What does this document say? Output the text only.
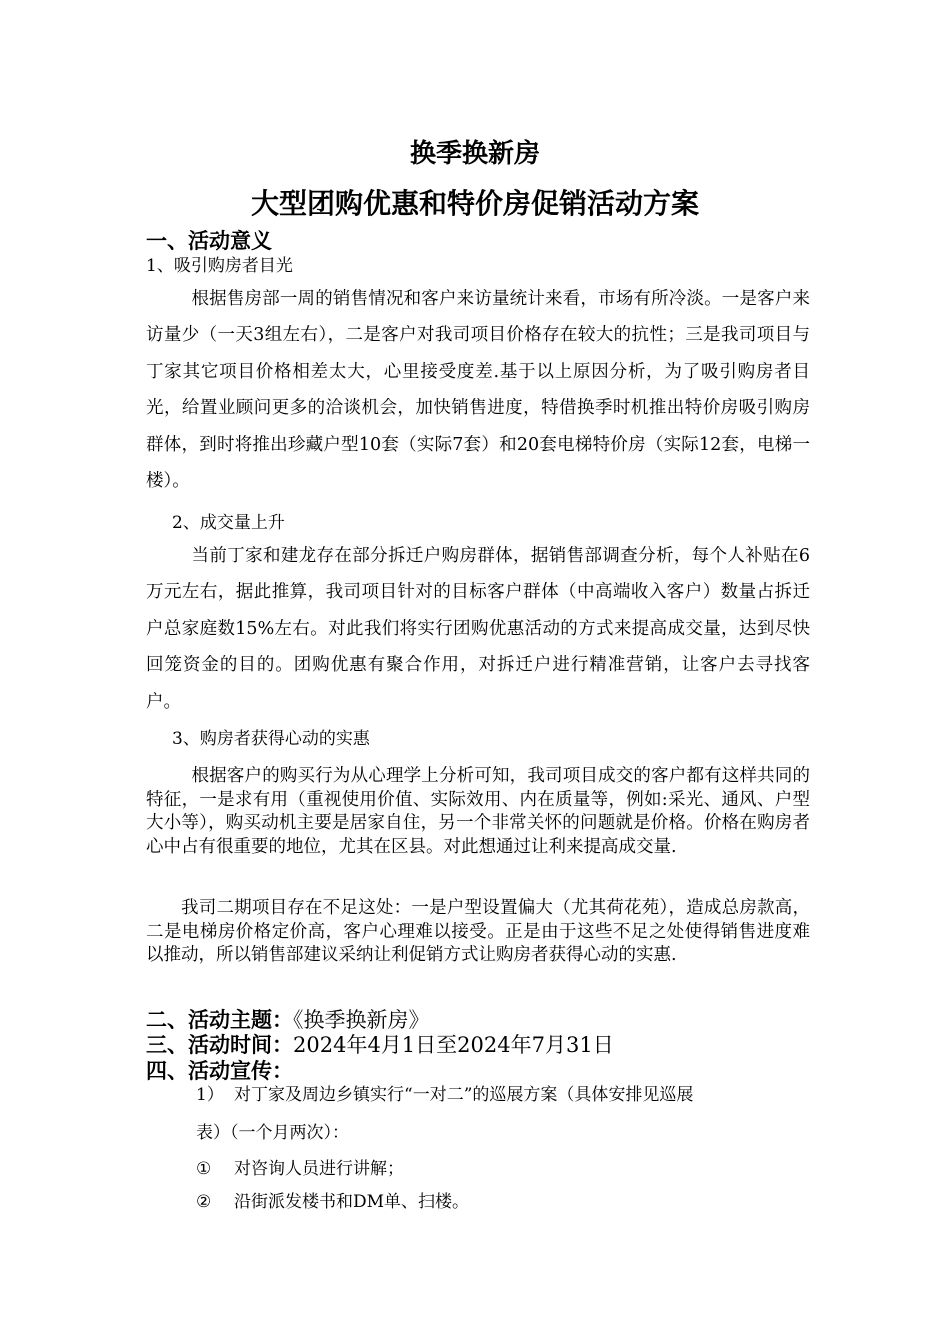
换季换新房
大型团购优惠和特价房促销活动方案
一、活动意义
1、吸引购房者目光
根据售房部一周的销售情况和客户来访量统计来看，市场有所冷淡。一是客户来访量少（一天3组左右），二是客户对我司项目价格存在较大的抗性；三是我司项目与丁家其它项目价格相差太大，心里接受度差.基于以上原因分析，为了吸引购房者目光，给置业顾问更多的洽谈机会，加快销售进度，特借换季时机推出特价房吸引购房群体，到时将推出珍藏户型10套（实际7套）和20套电梯特价房（实际12套，电梯一楼）。
2、成交量上升
当前丁家和建龙存在部分拆迁户购房群体，据销售部调查分析，每个人补贴在6万元左右，据此推算，我司项目针对的目标客户群体（中高端收入客户）数量占拆迁户总家庭数15%左右。对此我们将实行团购优惠活动的方式来提高成交量，达到尽快回笼资金的目的。团购优惠有聚合作用，对拆迁户进行精准营销，让客户去寻找客户。
3、购房者获得心动的实惠
根据客户的购买行为从心理学上分析可知，我司项目成交的客户都有这样共同的特征，一是求有用（重视使用价值、实际效用、内在质量等，例如:采光、通风、户型大小等），购买动机主要是居家自住，另一个非常关怀的问题就是价格。价格在购房者心中占有很重要的地位，尤其在区县。对此想通过让利来提高成交量.
我司二期项目存在不足这处：一是户型设置偏大（尤其荷花苑），造成总房款高，二是电梯房价格定价高，客户心理难以接受。正是由于这些不足之处使得销售进度难以推动，所以销售部建议采纳让利促销方式让购房者获得心动的实惠.
二、活动主题：《换季换新房》
三、活动时间：2024年4月1日至2024年7月31日
四、活动宣传：
1） 对丁家及周边乡镇实行“一对二”的巡展方案（具体安排见巡展
表）（一个月两次）：
① 对咨询人员进行讲解；
② 沿街派发楼书和DM单、扫楼。
